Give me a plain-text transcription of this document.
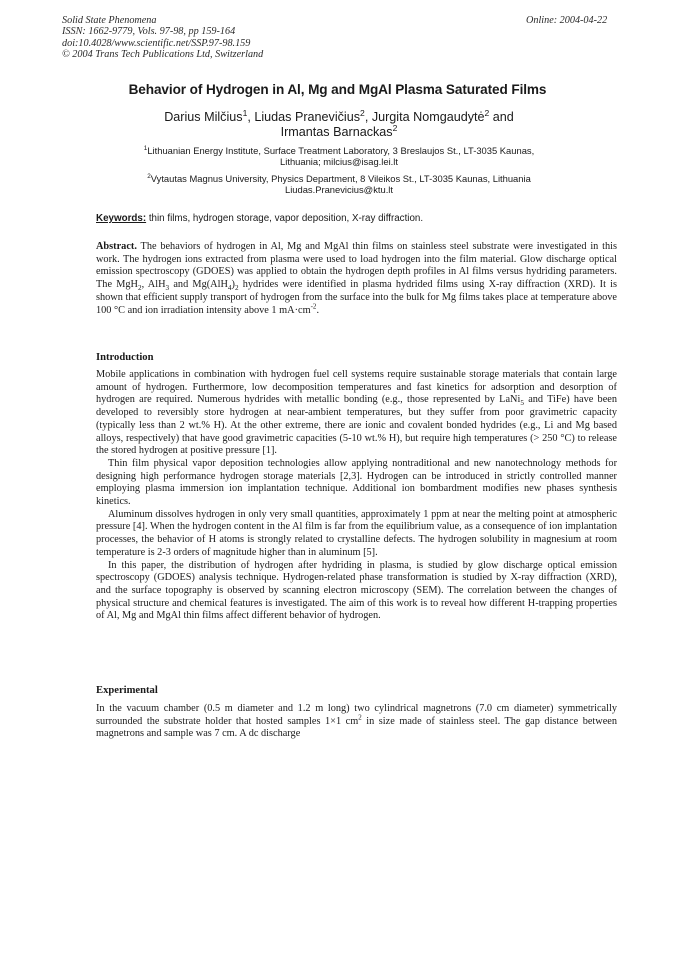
Solid State Phenomena
ISSN: 1662-9779, Vols. 97-98, pp 159-164
doi:10.4028/www.scientific.net/SSP.97-98.159
© 2004 Trans Tech Publications Ltd, Switzerland
Online: 2004-04-22
Behavior of Hydrogen in Al, Mg and MgAl Plasma Saturated Films
Darius Milčius$^1$, Liudas Pranevičius$^2$, Jurgita Nomgaudytė$^2$ and
Irmantas Barnackas$^2$
$^1$Lithuanian Energy Institute, Surface Treatment Laboratory, 3 Breslaujos St., LT-3035 Kaunas,
Lithuania; milcius@isag.lei.lt
$^2$Vytautas Magnus University, Physics Department, 8 Vileikos St., LT-3035 Kaunas, Lithuania
Liudas.Pranevicius@ktu.lt
Keywords: thin films, hydrogen storage, vapor deposition, X-ray diffraction.
Abstract. The behaviors of hydrogen in Al, Mg and MgAl thin films on stainless steel substrate were investigated in this work. The hydrogen ions extracted from plasma were used to load hydrogen into the film material. Glow discharge optical emission spectroscopy (GDOES) was applied to obtain the hydrogen depth profiles in Al films versus hydriding parameters. The MgH$_2$, AlH$_3$ and $Mg(AlH_4)_2$ hydrides were identified in plasma hydrided films using X-ray diffraction (XRD). It is shown that efficient supply transport of hydrogen from the surface into the bulk for Mg films takes place at temperature above 100 °C and ion irradiation intensity above 1 $mA\cdot cm^{-2}$.
Introduction

Mobile applications in combination with hydrogen fuel cell systems require sustainable storage materials that contain large amount of hydrogen. Furthermore, low decomposition temperatures and fast kinetics for adsorption and desorption of hydrogen are required. Numerous hydrides with metallic bonding (e.g., those represented by LaNi$_5$ and TiFe) have been developed to reversibly store hydrogen at near-ambient temperatures, but they suffer from poor gravimetric capacity (typically less than 2 wt.% H). At the other extreme, there are ionic and covalent bonded hydrides (e.g., Li and Mg based alloys, respectively) that have good gravimetric capacities (5-10 wt.% H), but require high temperatures (> 250 °C) to release the stored hydrogen at positive pressure [1].

Thin film physical vapor deposition technologies allow applying nontraditional and new nanotechnology methods for designing high performance hydrogen storage materials [2,3]. Hydrogen can be introduced in strictly controlled manner employing plasma immersion ion implantation technique. Additional ion bombardment modifies new phases synthesis kinetics.

Aluminum dissolves hydrogen in only very small quantities, approximately 1 ppm at near the melting point at atmospheric pressure [4]. When the hydrogen content in the Al film is far from the equilibrium value, as a consequence of ion implantation processes, the behavior of H atoms is strongly related to crystalline defects. The hydrogen solubility in magnesium at room temperature is 2-3 orders of magnitude higher than in aluminum [5].

In this paper, the distribution of hydrogen after hydriding in plasma, is studied by glow discharge optical emission spectroscopy (GDOES) analysis technique. Hydrogen-related phase transformation is studied by X-ray diffraction (XRD), and the surface topography is observed by scanning electron microscopy (SEM). The correlation between the changes of physical structure and chemical features is investigated. The aim of this work is to reveal how different H-trapping properties of Al, Mg and MgAl thin films affect different behavior of hydrogen.

Experimental

In the vacuum chamber (0.5 m diameter and 1.2 m long) two cylindrical magnetrons (7.0 cm diameter) symmetrically surrounded the substrate holder that hosted samples 1×1 $cm^2$ in size made of stainless steel. The gap distance between magnetrons and sample was 7 cm. A dc discharge
